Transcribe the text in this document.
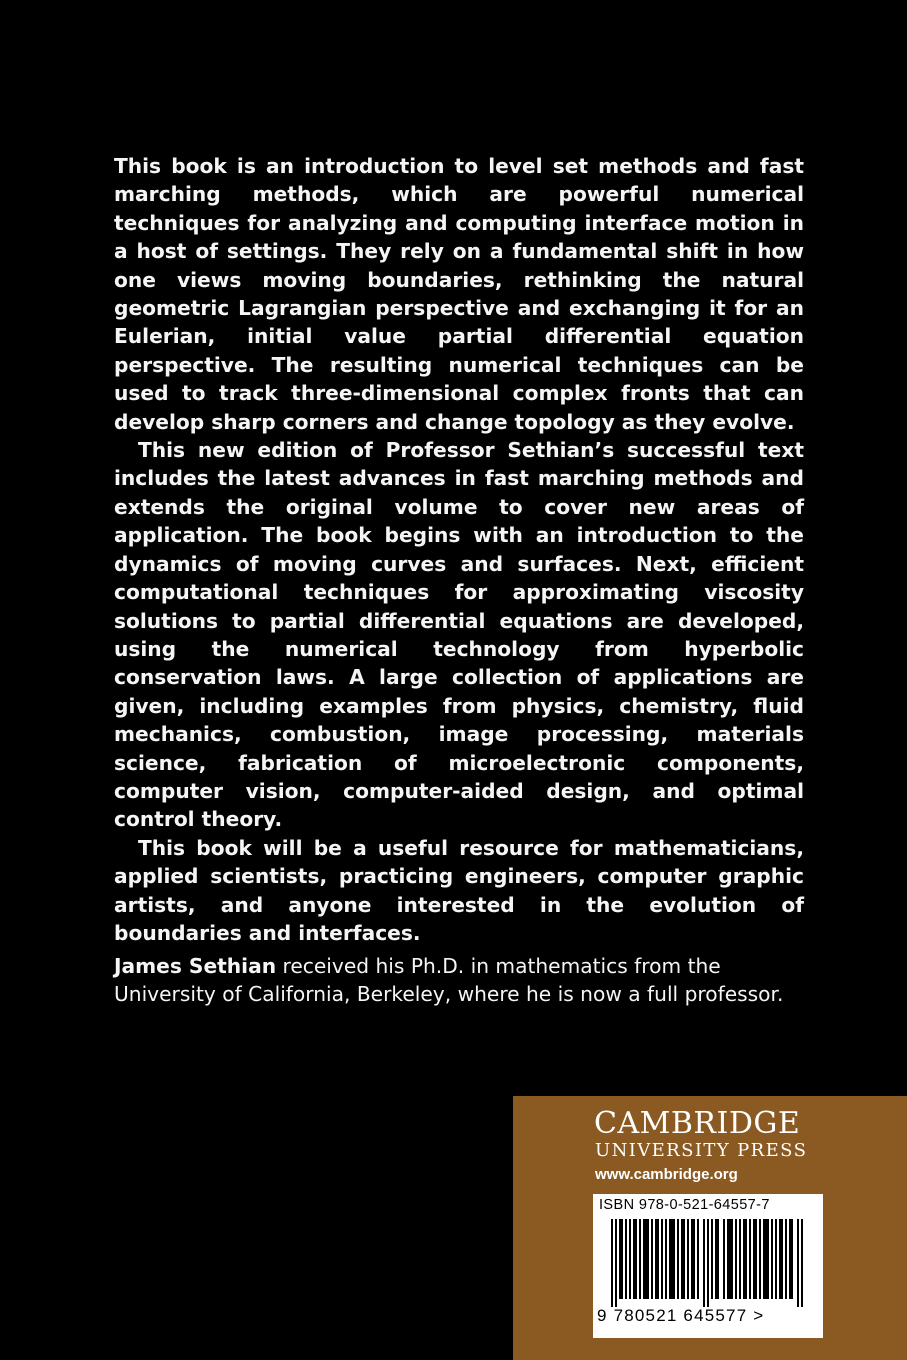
This book is an introduction to level set methods and fast marching methods, which are powerful numerical techniques for analyzing and computing interface motion in a host of settings. They rely on a fundamental shift in how one views moving boundaries, rethinking the natural geometric Lagrangian perspective and exchanging it for an Eulerian, initial value partial differential equation perspective. The resulting numerical techniques can be used to track three-dimensional complex fronts that can develop sharp corners and change topology as they evolve.

This new edition of Professor Sethian’s successful text includes the latest advances in fast marching methods and extends the original volume to cover new areas of application. The book begins with an introduction to the dynamics of moving curves and surfaces. Next, efficient computational techniques for approximating viscosity solutions to partial differential equations are developed, using the numerical technology from hyperbolic conservation laws. A large collection of applications are given, including examples from physics, chemistry, fluid mechanics, combustion, image processing, materials science, fabrication of microelectronic components, computer vision, computer-aided design, and optimal control theory.

This book will be a useful resource for mathematicians, applied scientists, practicing engineers, computer graphic artists, and anyone interested in the evolution of boundaries and interfaces.

James Sethian received his Ph.D. in mathematics from the University of California, Berkeley, where he is now a full professor.
CAMBRIDGE
UNIVERSITY PRESS
www.cambridge.org
ISBN 978-0-521-64557-7
9 780521 645577 >
